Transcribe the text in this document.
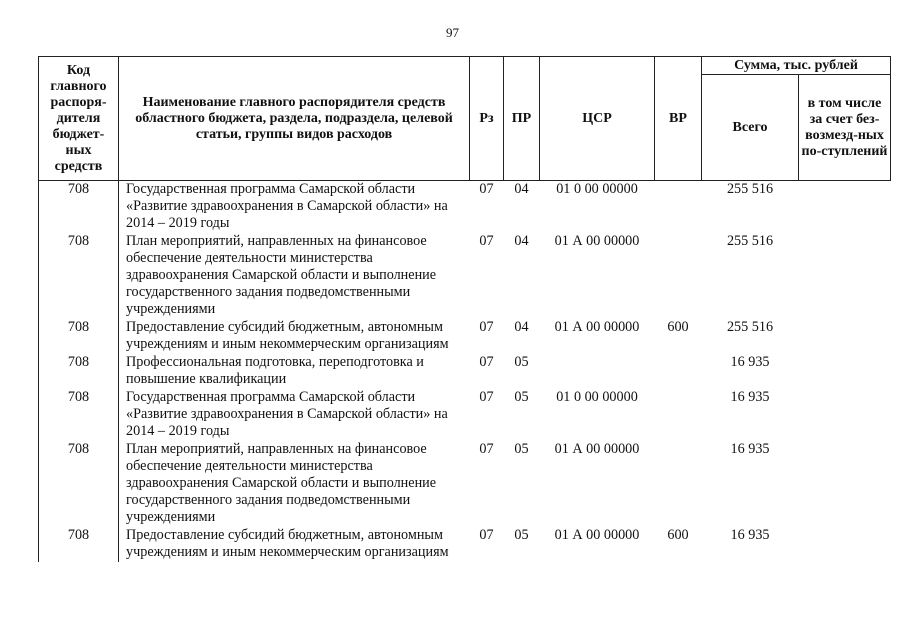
97
Код главного распоря-дителя бюджет-ных средств	Наименование главного распорядителя средств областного бюджета, раздела, подраздела, целевой статьи, группы видов расходов	Рз	ПР	ЦСР	ВР	Сумма, тыс. рублей	
						Всего	в том числе за счет без-возмезд-ных по-ступлений
708	Государственная программа Самарской области «Развитие здравоохранения в Самарской области» на 2014 – 2019 годы	07	04	01 0 00 00000		255 516	
708	План мероприятий, направленных на финансовое обеспечение деятельности министерства здравоохранения Самарской области и выполнение государственного задания подведомственными учреждениями	07	04	01 А 00 00000		255 516	
708	Предоставление субсидий бюджетным, автономным учреждениям и иным некоммерческим организациям	07	04	01 А 00 00000	600	255 516	
708	Профессиональная подготовка, переподготовка и повышение квалификации	07	05			16 935	
708	Государственная программа Самарской области «Развитие здравоохранения в Самарской области» на 2014 – 2019 годы	07	05	01 0 00 00000		16 935	
708	План мероприятий, направленных на финансовое обеспечение деятельности министерства здравоохранения Самарской области и выполнение государственного задания подведомственными учреждениями	07	05	01 А 00 00000		16 935	
708	Предоставление субсидий бюджетным, автономным учреждениям и иным некоммерческим организациям	07	05	01 А 00 00000	600	16 935	
